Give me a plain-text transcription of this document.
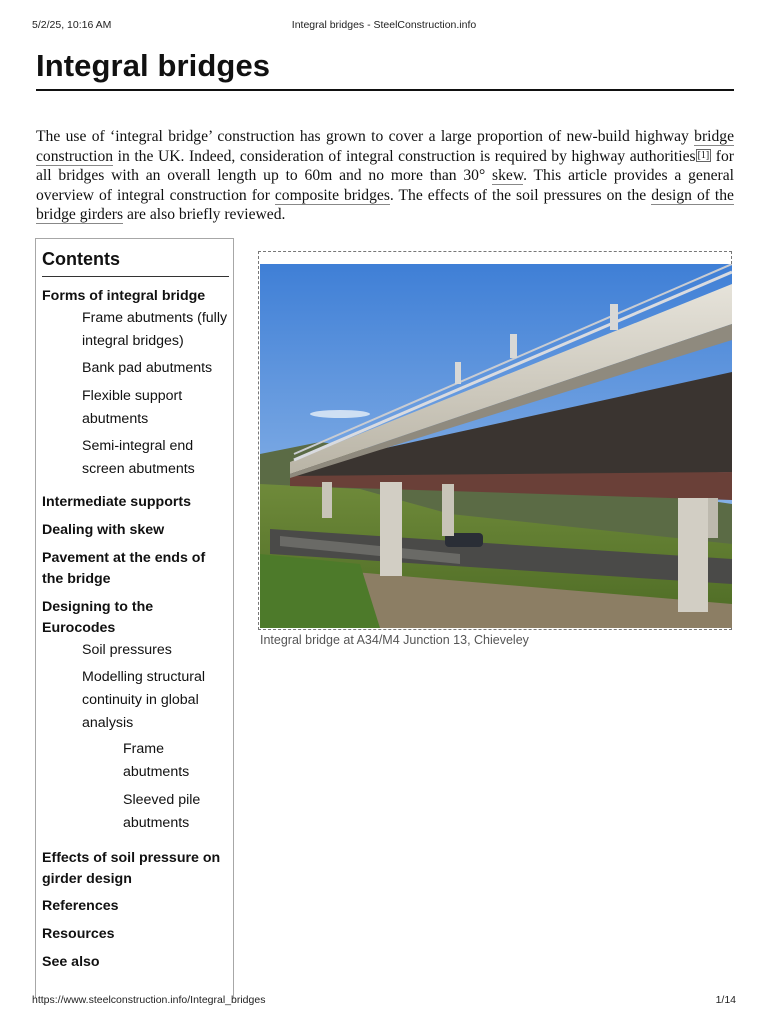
5/2/25, 10:16 AM	Integral bridges - SteelConstruction.info
Integral bridges

The use of ‘integral bridge’ construction has grown to cover a large proportion of new-build highway bridge construction in the UK. Indeed, consideration of integral construction is required by highway authorities [1] for all bridges with an overall length up to 60m and no more than 30° skew. This article provides a general overview of integral construction for composite bridges. The effects of the soil pressures on the design of the bridge girders are also briefly reviewed.

Contents
Forms of integral bridge
Frame abutments (fully integral bridges)
Bank pad abutments
Flexible support abutments
Semi-integral end screen abutments
Intermediate supports
Dealing with skew
Pavement at the ends of the bridge
Designing to the Eurocodes
Soil pressures
Modelling structural continuity in global analysis
Frame abutments
Sleeved pile abutments
Effects of soil pressure on girder design
References
Resources
See also
Integral bridge at A34/M4 Junction 13, Chieveley
https://www.steelconstruction.info/Integral_bridges	1/14
